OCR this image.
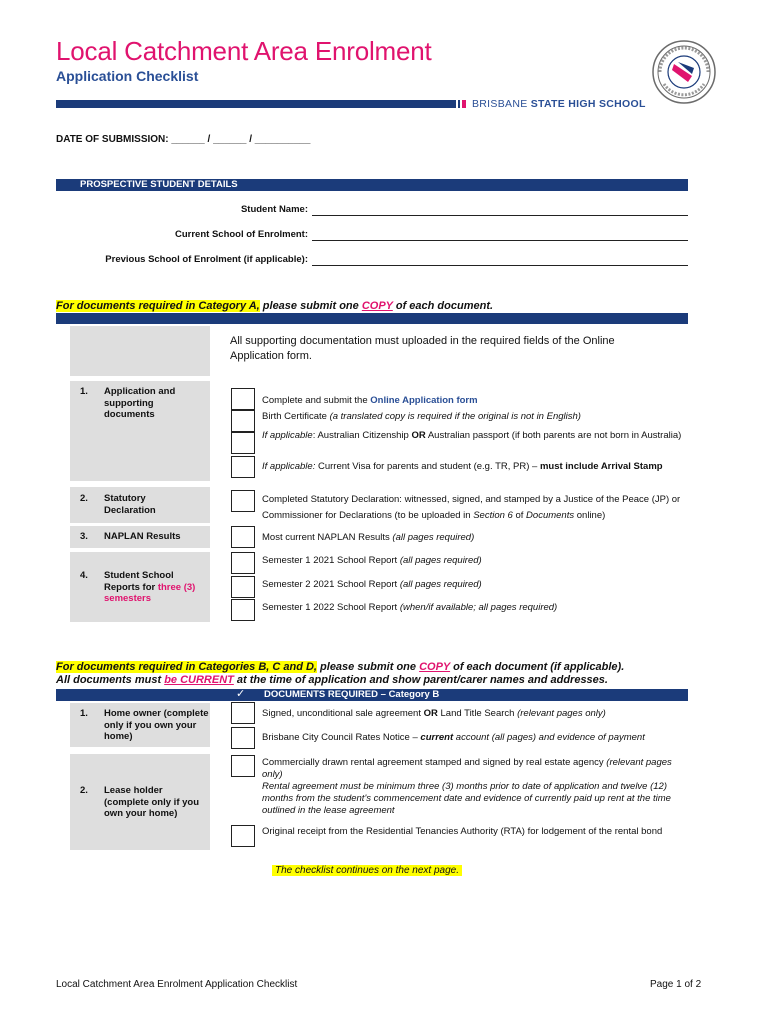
Local Catchment Area Enrolment
Application Checklist
BRISBANE STATE HIGH SCHOOL
DATE OF SUBMISSION: ______ / ______ / __________
PROSPECTIVE STUDENT DETAILS
Student Name:
Current School of Enrolment:
Previous School of Enrolment (if applicable):
For documents required in Category A, please submit one COPY of each document.
All supporting documentation must uploaded in the required fields of the Online Application form.
1. Application and supporting documents
Complete and submit the Online Application form
Birth Certificate (a translated copy is required if the original is not in English)
If applicable: Australian Citizenship OR Australian passport (if both parents are not born in Australia)
If applicable: Current Visa for parents and student (e.g. TR, PR) – must include Arrival Stamp
2. Statutory Declaration
Completed Statutory Declaration: witnessed, signed, and stamped by a Justice of the Peace (JP) or Commissioner for Declarations (to be uploaded in Section 6 of Documents online)
3. NAPLAN Results	Most current NAPLAN Results (all pages required)
4. Student School Reports for three (3) semesters
Semester 1 2021 School Report (all pages required)
Semester 2 2021 School Report (all pages required)
Semester 1 2022 School Report (when/if available; all pages required)
For documents required in Categories B, C and D, please submit one COPY of each document (if applicable).
All documents must be CURRENT at the time of application and show parent/carer names and addresses.
✓ DOCUMENTS REQUIRED – Category B
1. Home owner (complete only if you own your home)
Signed, unconditional sale agreement OR Land Title Search (relevant pages only)
Brisbane City Council Rates Notice – current account (all pages) and evidence of payment
2. Lease holder (complete only if you own your home)
Commercially drawn rental agreement stamped and signed by real estate agency (relevant pages only)
Rental agreement must be minimum three (3) months prior to date of application and twelve (12) months from the student's commencement date and evidence of currently paid up rent at the time outlined in the lease agreement
Original receipt from the Residential Tenancies Authority (RTA) for lodgement of the rental bond
The checklist continues on the next page.
Local Catchment Area Enrolment Application Checklist	Page 1 of 2
